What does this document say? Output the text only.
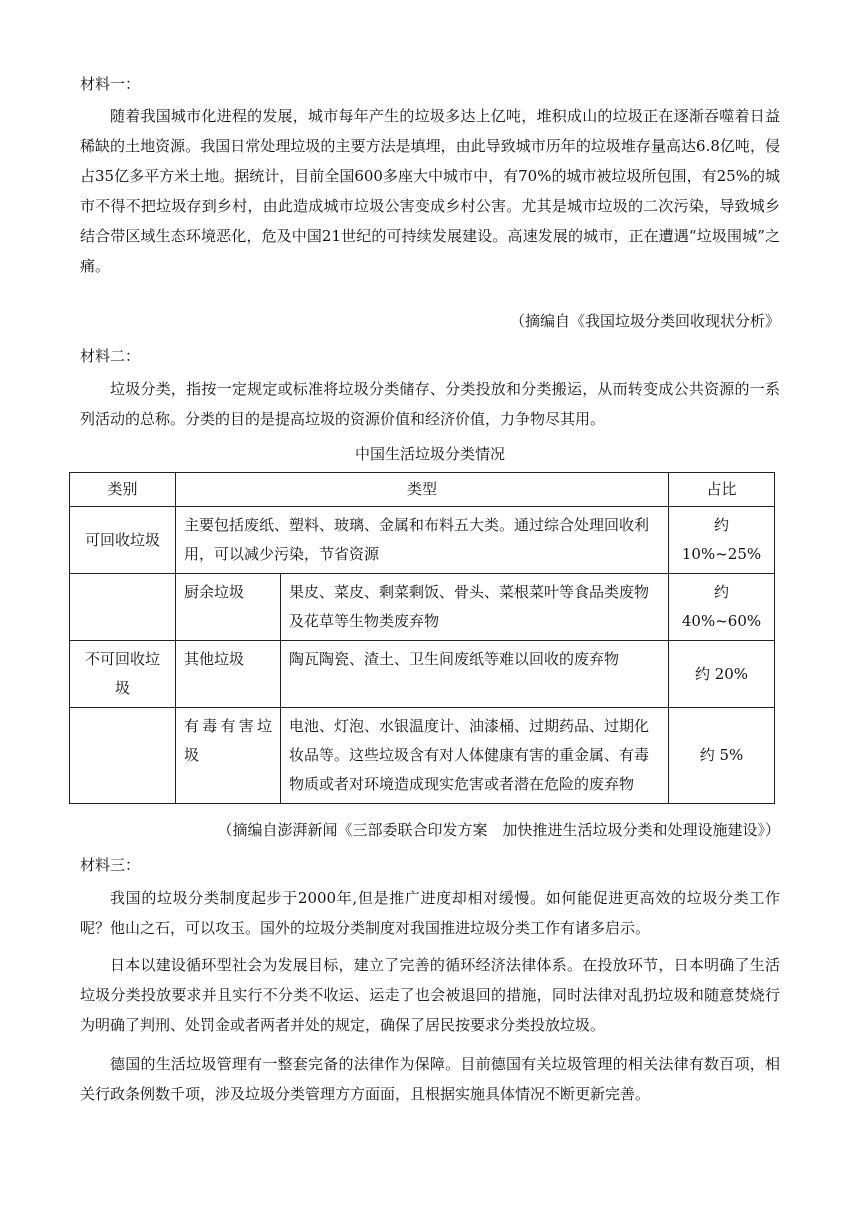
材料一：
随着我国城市化进程的发展，城市每年产生的垃圾多达上亿吨，堆积成山的垃圾正在逐渐吞噬着日益稀缺的土地资源。我国日常处理垃圾的主要方法是填埋，由此导致城市历年的垃圾堆存量高达6.8亿吨，侵占35亿多平方米土地。据统计，目前全国600多座大中城市中，有70%的城市被垃圾所包围，有25%的城市不得不把垃圾存到乡村，由此造成城市垃圾公害变成乡村公害。尤其是城市垃圾的二次污染，导致城乡结合带区域生态环境恶化，危及中国21世纪的可持续发展建设。高速发展的城市，正在遭遇“垃圾围城”之痛。
（摘编自《我国垃圾分类回收现状分析》
材料二：
垃圾分类，指按一定规定或标准将垃圾分类储存、分类投放和分类搬运，从而转变成公共资源的一系列活动的总称。分类的目的是提高垃圾的资源价值和经济价值，力争物尽其用。
中国生活垃圾分类情况
类别	类型		占比
可回收垃圾	主要包括废纸、塑料、玻璃、金属和布料五大类。通过综合处理回收利用，可以减少污染，节省资源		约 10%~25%
	厨余垃圾	果皮、菜皮、剩菜剩饭、骨头、菜根菜叶等食品类废物及花草等生物类废弃物	约 40%~60%
不可回收垃圾	其他垃圾	陶瓦陶瓷、渣土、卫生间废纸等难以回收的废弃物	约 20%
	有毒有害垃圾	电池、灯泡、水银温度计、油漆桶、过期药品、过期化妆品等。这些垃圾含有对人体健康有害的重金属、有毒物质或者对环境造成现实危害或者潜在危险的废弃物	约 5%
（摘编自澎湃新闻《三部委联合印发方案　加快推进生活垃圾分类和处理设施建设》）
材料三：
我国的垃圾分类制度起步于2000年,但是推广进度却相对缓慢。如何能促进更高效的垃圾分类工作呢？他山之石，可以攻玉。国外的垃圾分类制度对我国推进垃圾分类工作有诸多启示。
日本以建设循环型社会为发展目标，建立了完善的循环经济法律体系。在投放环节，日本明确了生活垃圾分类投放要求并且实行不分类不收运、运走了也会被退回的措施，同时法律对乱扔垃圾和随意焚烧行为明确了判刑、处罚金或者两者并处的规定，确保了居民按要求分类投放垃圾。
德国的生活垃圾管理有一整套完备的法律作为保障。目前德国有关垃圾管理的相关法律有数百项，相关行政条例数千项，涉及垃圾分类管理方方面面，且根据实施具体情况不断更新完善。
